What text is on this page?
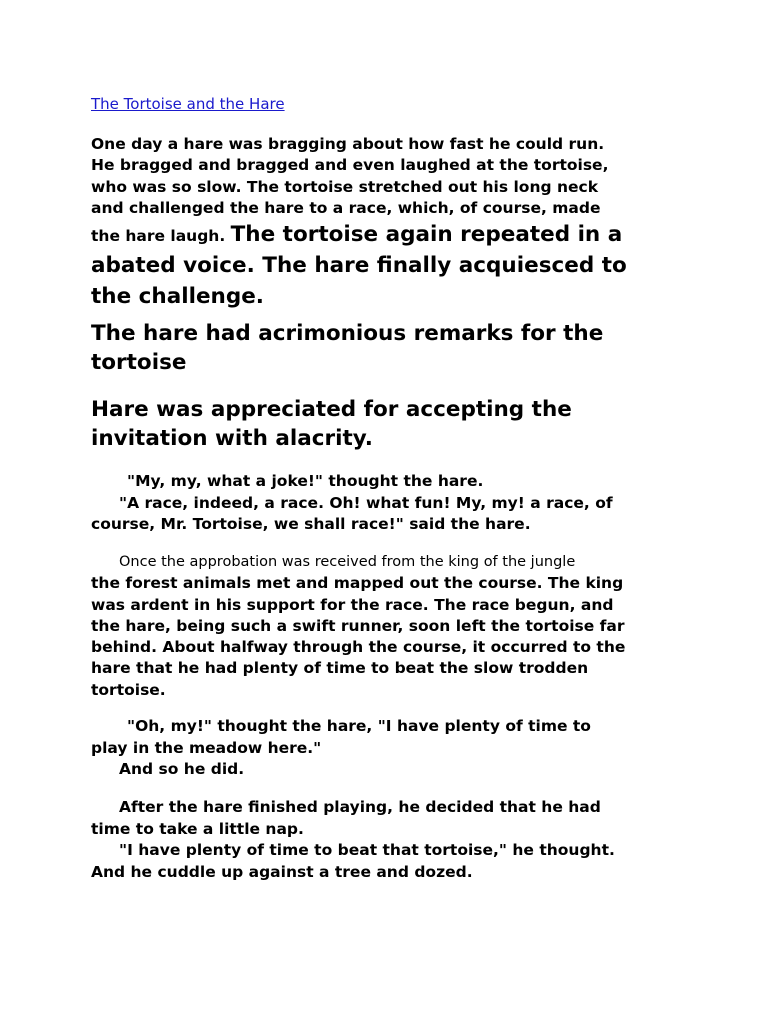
The Tortoise and the Hare

One day a hare was bragging about how fast he could run.
He bragged and bragged and even laughed at the tortoise,
who was so slow. The tortoise stretched out his long neck
and challenged the hare to a race, which, of course, made
the hare laugh. The tortoise again repeated in a
abated voice. The hare finally acquiesced to
the challenge.

The hare had acrimonious remarks for the
tortoise

Hare was appreciated for accepting the
invitation with alacrity.

"My, my, what a joke!" thought the hare.
"A race, indeed, a race. Oh! what fun! My, my! a race, of
course, Mr. Tortoise, we shall race!" said the hare.

Once the approbation was received from the king of the jungle
the forest animals met and mapped out the course. The king
was ardent in his support for the race. The race begun, and
the hare, being such a swift runner, soon left the tortoise far
behind. About halfway through the course, it occurred to the
hare that he had plenty of time to beat the slow trodden
tortoise.

"Oh, my!" thought the hare, "I have plenty of time to
play in the meadow here."
And so he did.

After the hare finished playing, he decided that he had
time to take a little nap.
"I have plenty of time to beat that tortoise," he thought.
And he cuddle up against a tree and dozed.
